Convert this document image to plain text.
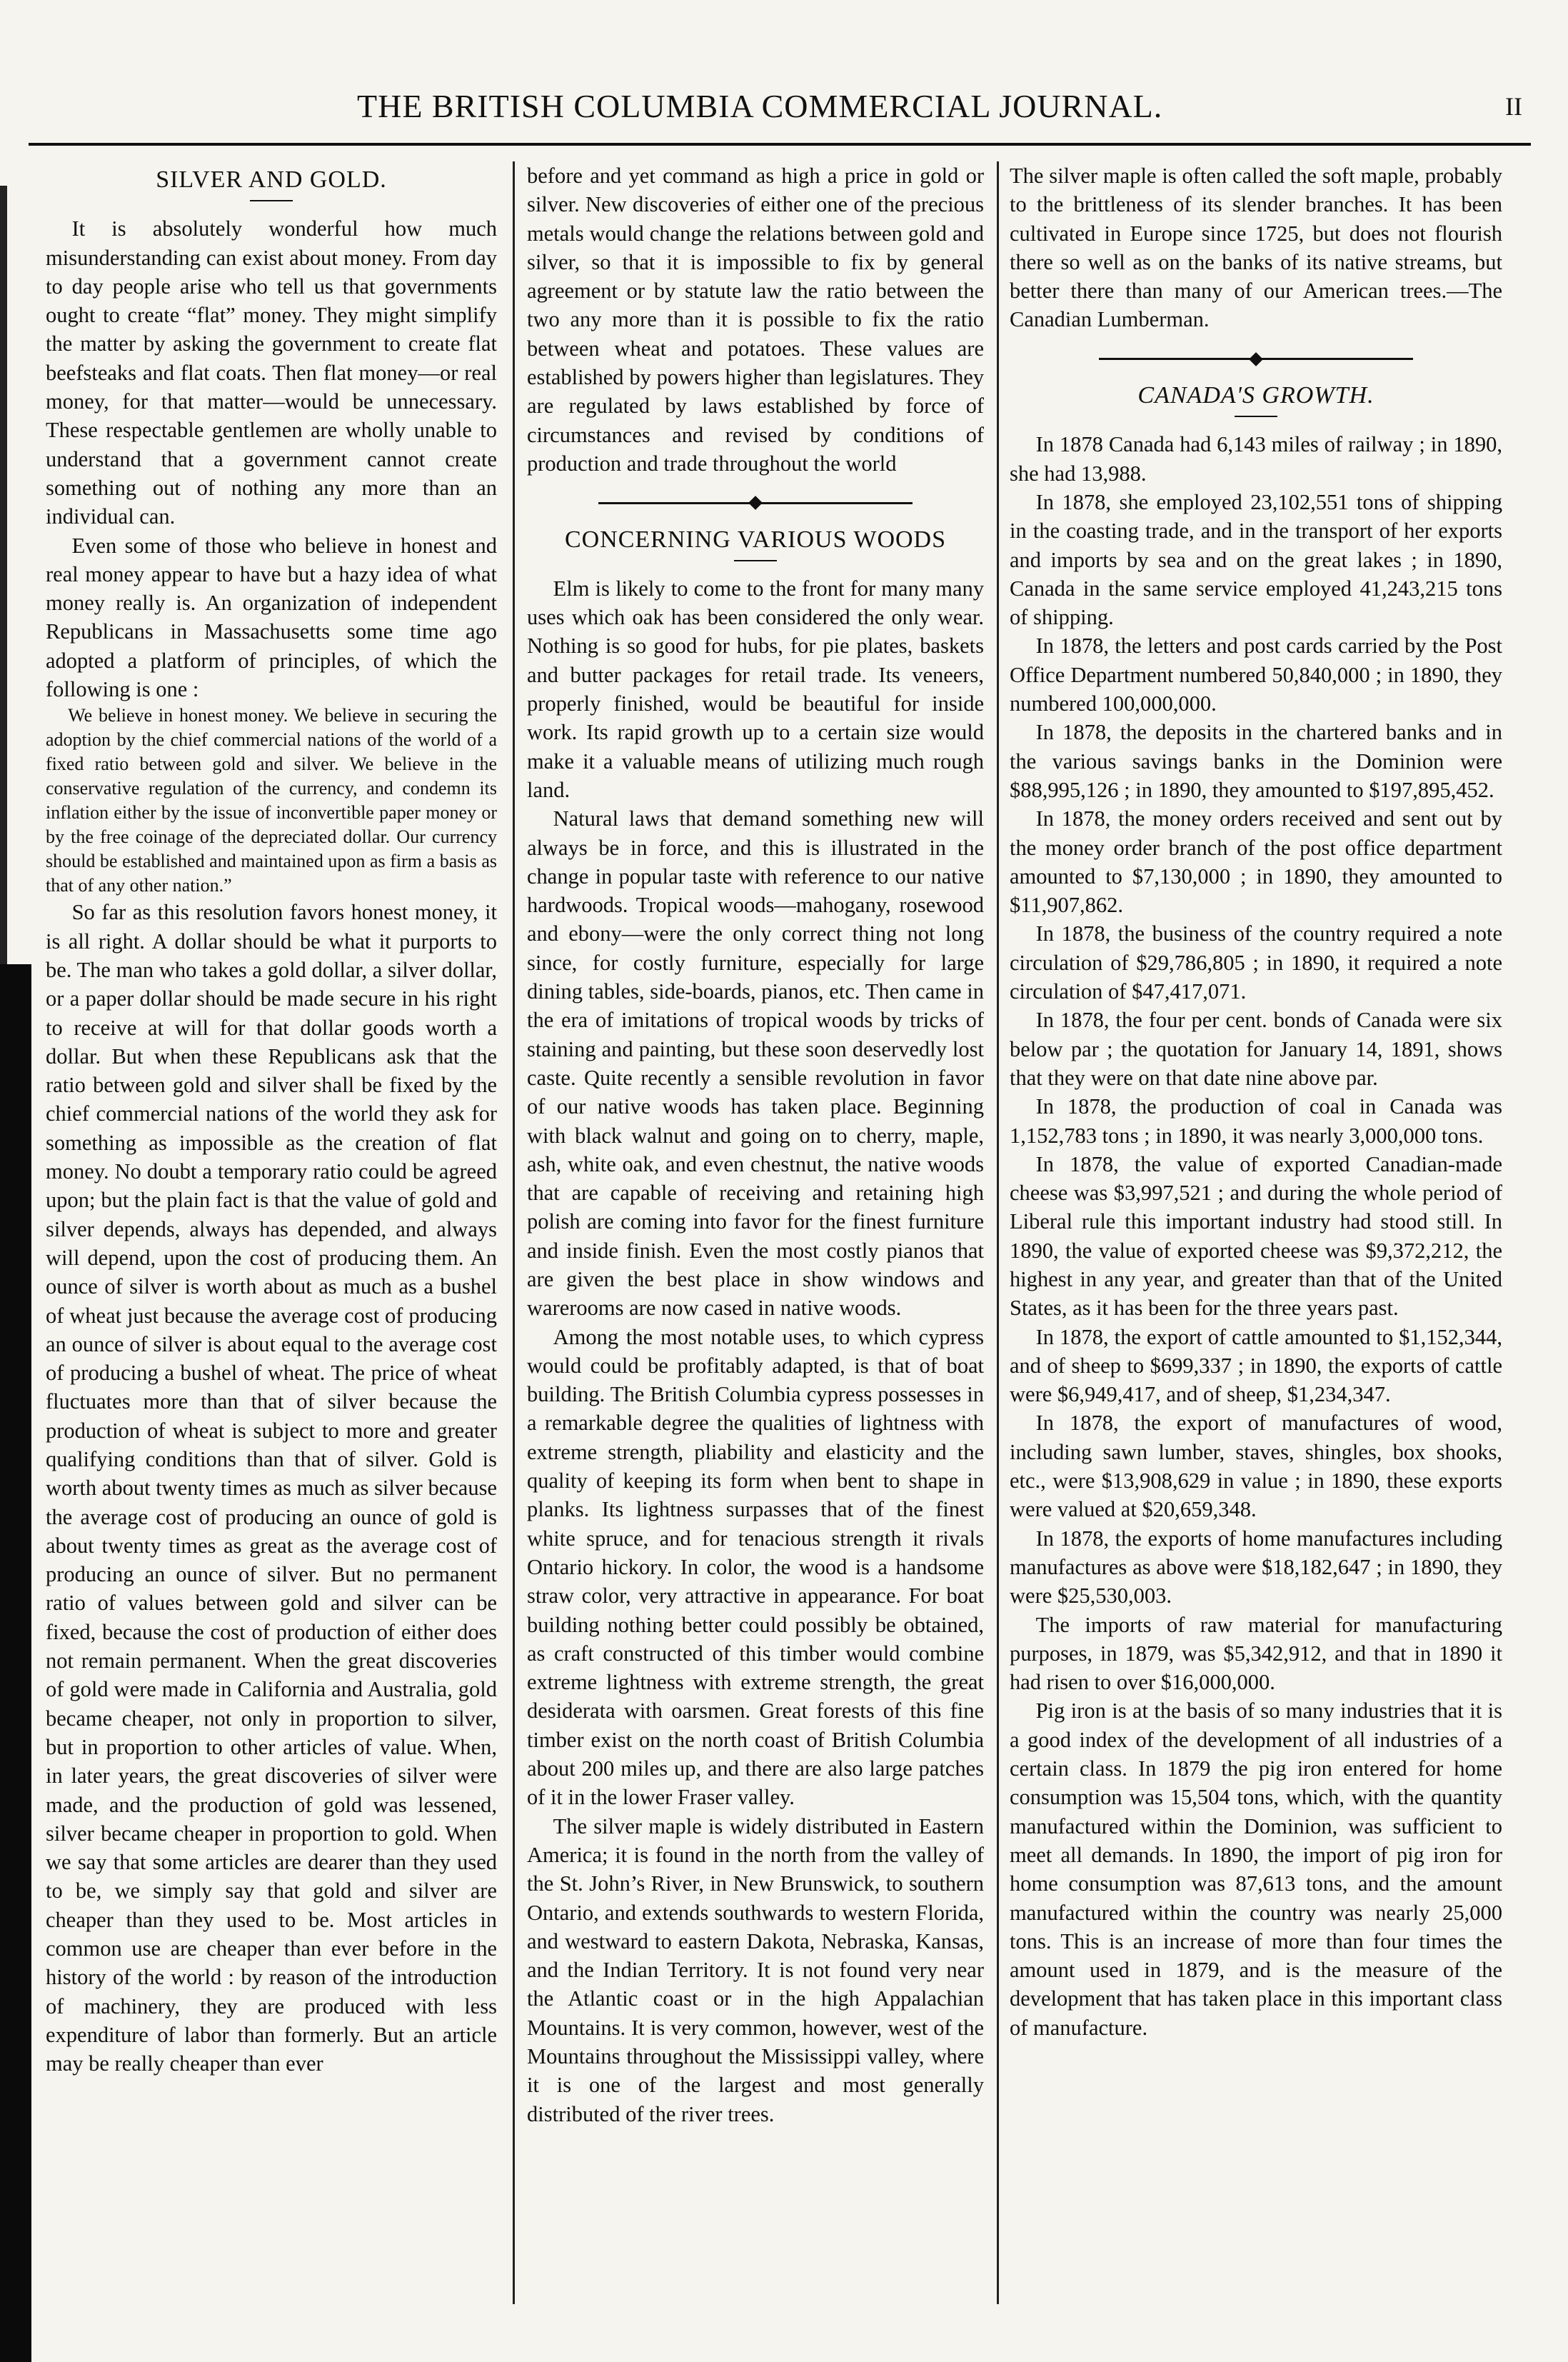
THE BRITISH COLUMBIA COMMERCIAL JOURNAL.	II
SILVER AND GOLD.

It is absolutely wonderful how much misunderstanding can exist about money. From day to day people arise who tell us that governments ought to create “flat” money. They might simplify the matter by asking the government to create flat beefsteaks and flat coats. Then flat money—or real money, for that matter—would be unnecessary. These respectable gentlemen are wholly unable to understand that a government cannot create something out of nothing any more than an individual can.

Even some of those who believe in honest and real money appear to have but a hazy idea of what money really is. An organization of independent Republicans in Massachusetts some time ago adopted a platform of principles, of which the following is one :

We believe in honest money. We believe in securing the adoption by the chief commercial nations of the world of a fixed ratio between gold and silver. We believe in the conservative regulation of the currency, and condemn its inflation either by the issue of inconvertible paper money or by the free coinage of the depreciated dollar. Our currency should be established and maintained upon as firm a basis as that of any other nation.”

So far as this resolution favors honest money, it is all right. A dollar should be what it purports to be. The man who takes a gold dollar, a silver dollar, or a paper dollar should be made secure in his right to receive at will for that dollar goods worth a dollar. But when these Republicans ask that the ratio between gold and silver shall be fixed by the chief commercial nations of the world they ask for something as impossible as the creation of flat money. No doubt a temporary ratio could be agreed upon; but the plain fact is that the value of gold and silver depends, always has depended, and always will depend, upon the cost of producing them. An ounce of silver is worth about as much as a bushel of wheat just because the average cost of producing an ounce of silver is about equal to the average cost of producing a bushel of wheat. The price of wheat fluctuates more than that of silver because the production of wheat is subject to more and greater qualifying conditions than that of silver. Gold is worth about twenty times as much as silver because the average cost of producing an ounce of gold is about twenty times as great as the average cost of producing an ounce of silver. But no permanent ratio of values between gold and silver can be fixed, because the cost of production of either does not remain permanent. When the great discoveries of gold were made in California and Australia, gold became cheaper, not only in proportion to silver, but in proportion to other articles of value. When, in later years, the great discoveries of silver were made, and the production of gold was lessened, silver became cheaper in proportion to gold. When we say that some articles are dearer than they used to be, we simply say that gold and silver are cheaper than they used to be. Most articles in common use are cheaper than ever before in the history of the world : by reason of the introduction of machinery, they are produced with less expenditure of labor than formerly. But an article may be really cheaper than ever

before and yet command as high a price in gold or silver. New discoveries of either one of the precious metals would change the relations between gold and silver, so that it is impossible to fix by general agreement or by statute law the ratio between the two any more than it is possible to fix the ratio between wheat and potatoes. These values are established by powers higher than legislatures. They are regulated by laws established by force of circumstances and revised by conditions of production and trade throughout the world

CONCERNING VARIOUS WOODS

Elm is likely to come to the front for many many uses which oak has been considered the only wear. Nothing is so good for hubs, for pie plates, baskets and butter packages for retail trade. Its veneers, properly finished, would be beautiful for inside work. Its rapid growth up to a certain size would make it a valuable means of utilizing much rough land.

Natural laws that demand something new will always be in force, and this is illustrated in the change in popular taste with reference to our native hardwoods. Tropical woods—mahogany, rosewood and ebony—were the only correct thing not long since, for costly furniture, especially for large dining tables, side-boards, pianos, etc. Then came in the era of imitations of tropical woods by tricks of staining and painting, but these soon deservedly lost caste. Quite recently a sensible revolution in favor of our native woods has taken place. Beginning with black walnut and going on to cherry, maple, ash, white oak, and even chestnut, the native woods that are capable of receiving and retaining high polish are coming into favor for the finest furniture and inside finish. Even the most costly pianos that are given the best place in show windows and warerooms are now cased in native woods.

Among the most notable uses, to which cypress would could be profitably adapted, is that of boat building. The British Columbia cypress possesses in a remarkable degree the qualities of lightness with extreme strength, pliability and elasticity and the quality of keeping its form when bent to shape in planks. Its lightness surpasses that of the finest white spruce, and for tenacious strength it rivals Ontario hickory. In color, the wood is a handsome straw color, very attractive in appearance. For boat building nothing better could possibly be obtained, as craft constructed of this timber would combine extreme lightness with extreme strength, the great desiderata with oarsmen. Great forests of this fine timber exist on the north coast of British Columbia about 200 miles up, and there are also large patches of it in the lower Fraser valley.

The silver maple is widely distributed in Eastern America; it is found in the north from the valley of the St. John’s River, in New Brunswick, to southern Ontario, and extends southwards to western Florida, and westward to eastern Dakota, Nebraska, Kansas, and the Indian Territory. It is not found very near the Atlantic coast or in the high Appalachian Mountains. It is very common, however, west of the Mountains throughout the Mississippi valley, where it is one of the largest and most generally distributed of the river trees.

The silver maple is often called the soft maple, probably to the brittleness of its slender branches. It has been cultivated in Europe since 1725, but does not flourish there so well as on the banks of its native streams, but better there than many of our American trees.—The Canadian Lumberman.

CANADA'S GROWTH.

In 1878 Canada had 6,143 miles of railway ; in 1890, she had 13,988.

In 1878, she employed 23,102,551 tons of shipping in the coasting trade, and in the transport of her exports and imports by sea and on the great lakes ; in 1890, Canada in the same service employed 41,243,215 tons of shipping.

In 1878, the letters and post cards carried by the Post Office Department numbered 50,840,000 ; in 1890, they numbered 100,000,000.

In 1878, the deposits in the chartered banks and in the various savings banks in the Dominion were $88,995,126 ; in 1890, they amounted to $197,895,452.

In 1878, the money orders received and sent out by the money order branch of the post office department amounted to $7,130,000 ; in 1890, they amounted to $11,907,862.

In 1878, the business of the country required a note circulation of $29,786,805 ; in 1890, it required a note circulation of $47,417,071.

In 1878, the four per cent. bonds of Canada were six below par ; the quotation for January 14, 1891, shows that they were on that date nine above par.

In 1878, the production of coal in Canada was 1,152,783 tons ; in 1890, it was nearly 3,000,000 tons.

In 1878, the value of exported Canadian-made cheese was $3,997,521 ; and during the whole period of Liberal rule this important industry had stood still. In 1890, the value of exported cheese was $9,372,212, the highest in any year, and greater than that of the United States, as it has been for the three years past.

In 1878, the export of cattle amounted to $1,152,344, and of sheep to $699,337 ; in 1890, the exports of cattle were $6,949,417, and of sheep, $1,234,347.

In 1878, the export of manufactures of wood, including sawn lumber, staves, shingles, box shooks, etc., were $13,908,629 in value ; in 1890, these exports were valued at $20,659,348.

In 1878, the exports of home manufactures including manufactures as above were $18,182,647 ; in 1890, they were $25,530,003.

The imports of raw material for manufacturing purposes, in 1879, was $5,342,912, and that in 1890 it had risen to over $16,000,000.

Pig iron is at the basis of so many industries that it is a good index of the development of all industries of a certain class. In 1879 the pig iron entered for home consumption was 15,504 tons, which, with the quantity manufactured within the Dominion, was sufficient to meet all demands. In 1890, the import of pig iron for home consumption was 87,613 tons, and the amount manufactured within the country was nearly 25,000 tons. This is an increase of more than four times the amount used in 1879, and is the measure of the development that has taken place in this important class of manufacture.
